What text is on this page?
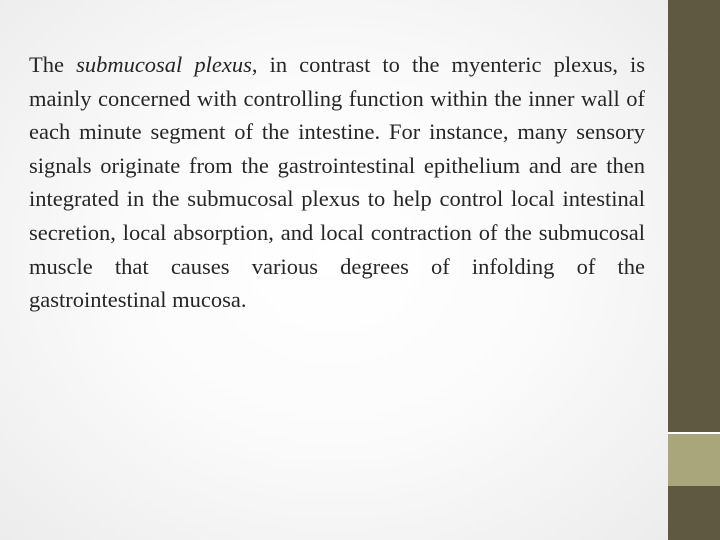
The submucosal plexus, in contrast to the myenteric plexus, is mainly concerned with controlling function within the inner wall of each minute segment of the intestine. For instance, many sensory signals originate from the gastrointestinal epithelium and are then integrated in the submucosal plexus to help control local intestinal secretion, local absorption, and local contraction of the submucosal muscle that causes various degrees of infolding of the gastrointestinal mucosa.
